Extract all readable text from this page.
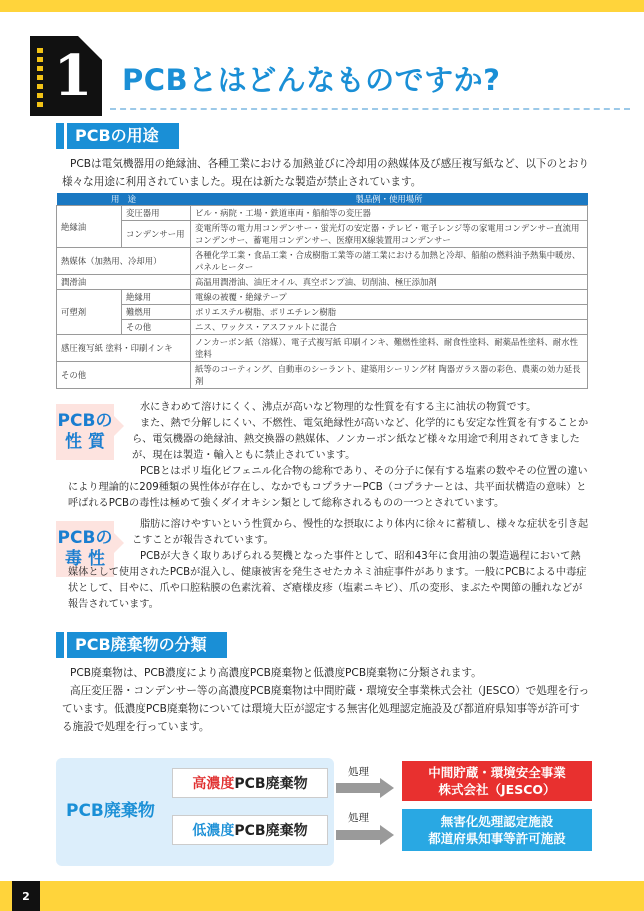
1 PCBとはどんなものですか?
PCBの用途
PCBは電気機器用の絶縁油、各種工業における加熱並びに冷却用の熱媒体及び感圧複写紙など、以下のとおり様々な用途に利用されていました。現在は新たな製造が禁止されています。
用　途		製品例・使用場所
絶縁油	変圧器用	ビル・病院・工場・鉄道車両・船舶等の変圧器
	コンデンサー用	変電所等の電力用コンデンサー・蛍光灯の安定器・テレビ・電子レンジ等の家電用コンデンサー直流用コンデンサー、蓄電用コンデンサー、医療用X線装置用コンデンサー
熱媒体（加熱用、冷却用）		各種化学工業・食品工業・合成樹脂工業等の諸工業における加熱と冷却、船舶の燃料油予熱集中暖房、パネルヒーター
潤滑油		高温用潤滑油、油圧オイル、真空ポンプ油、切削油、極圧添加剤
可塑剤	絶縁用	電線の被覆・絶縁テープ
	難燃用	ポリエステル樹脂、ポリエチレン樹脂
	その他	ニス、ワックス・アスファルトに混合
感圧複写紙 塗料・印刷インキ		ノンカーボン紙（溶媒）、電子式複写紙 印刷インキ、難燃性塗料、耐食性塗料、耐薬品性塗料、耐水性塗料
その他		紙等のコーティング、自動車のシーラント、建築用シーリング材 陶器ガラス器の彩色、農薬の効力延長剤
PCBの
性 質
水にきわめて溶けにくく、沸点が高いなど物理的な性質を有する主に油状の物質です。
また、熱で分解しにくい、不燃性、電気絶縁性が高いなど、化学的にも安定な性質を有することから、電気機器の絶縁油、熱交換器の熱媒体、ノンカーボン紙など様々な用途で利用されてきましたが、現在は製造・輸入ともに禁止されています。
PCBとはポリ塩化ビフェニル化合物の総称であり、その分子に保有する塩素の数やその位置の違いにより理論的に209種類の異性体が存在し、なかでもコプラナーPCB（コプラナーとは、共平面状構造の意味）と呼ばれるPCBの毒性は極めて強くダイオキシン類として総称されるものの一つとされています。
PCBの
毒 性
脂肪に溶けやすいという性質から、慢性的な摂取により体内に徐々に蓄積し、様々な症状を引き起こすことが報告されています。
PCBが大きく取りあげられる契機となった事件として、昭和43年に食用油の製造過程において熱媒体として使用されたPCBが混入し、健康被害を発生させたカネミ油症事件があります。一般にPCBによる中毒症状として、目やに、爪や口腔粘膜の色素沈着、ざ瘡様皮疹（塩素ニキビ）、爪の変形、まぶたや関節の腫れなどが報告されています。
PCB廃棄物の分類
PCB廃棄物は、PCB濃度により高濃度PCB廃棄物と低濃度PCB廃棄物に分類されます。
高圧変圧器・コンデンサー等の高濃度PCB廃棄物は中間貯蔵・環境安全事業株式会社（JESCO）で処理を行っています。低濃度PCB廃棄物については環境大臣が認定する無害化処理認定施設及び都道府県知事等が許可する施設で処理を行っています。
PCB廃棄物
高濃度PCB廃棄物
低濃度PCB廃棄物
処理
処理
中間貯蔵・環境安全事業
株式会社（JESCO）
無害化処理認定施設
都道府県知事等許可施設
2
